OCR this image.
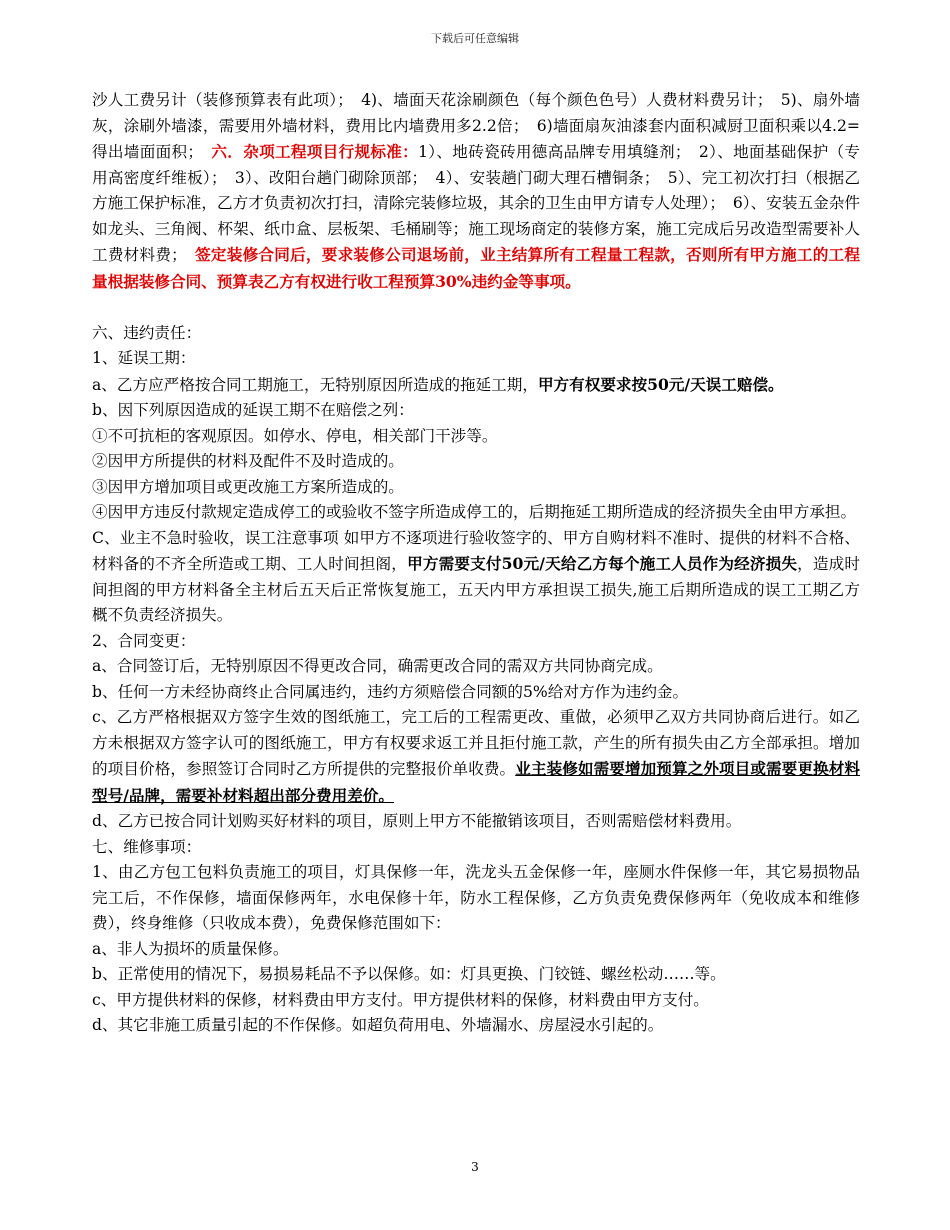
下载后可任意编辑

沙人工费另计（装修预算表有此项）；　4)、墙面天花涂刷颜色（每个颜色色号）人费材料费另计；　5)、扇外墙灰，涂刷外墙漆，需要用外墙材料，费用比内墙费用多2.2倍；　6)墙面扇灰油漆套内面积减厨卫面积乘以4.2=得出墙面面积；　六．杂项工程项目行规标准：1）、地砖瓷砖用德高品牌专用填缝剂；　2）、地面基础保护（专用高密度纤维板）；　3）、改阳台趟门砌除顶部；　4）、安装趟门砌大理石槽铜条；　5）、完工初次打扫（根据乙方施工保护标准，乙方才负责初次打扫，清除完装修垃圾，其余的卫生由甲方请专人处理）；　6）、安装五金杂件如龙头、三角阀、杯架、纸巾盒、层板架、毛桶刷等；施工现场商定的装修方案，施工完成后另改造型需要补人工费材料费；　签定装修合同后，要求装修公司退场前，业主结算所有工程量工程款，否则所有甲方施工的工程量根据装修合同、预算表乙方有权进行收工程预算30%违约金等事项。

六、违约责任：

1、延误工期：

a、乙方应严格按合同工期施工，无特别原因所造成的拖延工期，甲方有权要求按50元/天误工赔偿。

b、因下列原因造成的延误工期不在赔偿之列：

①不可抗柜的客观原因。如停水、停电，相关部门干涉等。

②因甲方所提供的材料及配件不及时造成的。

③因甲方增加项目或更改施工方案所造成的。

④因甲方违反付款规定造成停工的或验收不签字所造成停工的，后期拖延工期所造成的经济损失全由甲方承担。

C、业主不急时验收，误工注意事项 如甲方不逐项进行验收签字的、甲方自购材料不准时、提供的材料不合格、材料备的不齐全所造或工期、工人时间担阁，甲方需要支付50元/天给乙方每个施工人员作为经济损失，造成时间担阁的甲方材料备全主材后五天后正常恢复施工，五天内甲方承担误工损失,施工后期所造成的误工工期乙方概不负责经济损失。

2、合同变更：

a、合同签订后，无特别原因不得更改合同，确需更改合同的需双方共同协商完成。

b、任何一方未经协商终止合同属违约，违约方须赔偿合同额的5%给对方作为违约金。

c、乙方严格根据双方签字生效的图纸施工，完工后的工程需更改、重做，必须甲乙双方共同协商后进行。如乙方未根据双方签字认可的图纸施工，甲方有权要求返工并且拒付施工款，产生的所有损失由乙方全部承担。增加的项目价格，参照签订合同时乙方所提供的完整报价单收费。业主装修如需要增加预算之外项目或需要更换材料型号/品牌，需要补材料超出部分费用差价。

d、乙方已按合同计划购买好材料的项目，原则上甲方不能撤销该项目，否则需赔偿材料费用。

七、维修事项：

1、由乙方包工包料负责施工的项目，灯具保修一年，洗龙头五金保修一年，座厕水件保修一年，其它易损物品完工后，不作保修，墙面保修两年，水电保修十年，防水工程保修，乙方负责免费保修两年（免收成本和维修费），终身维修（只收成本费），免费保修范围如下：

a、非人为损坏的质量保修。

b、正常使用的情况下，易损易耗品不予以保修。如：灯具更换、门铰链、螺丝松动……等。

c、甲方提供材料的保修，材料费由甲方支付。甲方提供材料的保修，材料费由甲方支付。

d、其它非施工质量引起的不作保修。如超负荷用电、外墙漏水、房屋浸水引起的。

3
